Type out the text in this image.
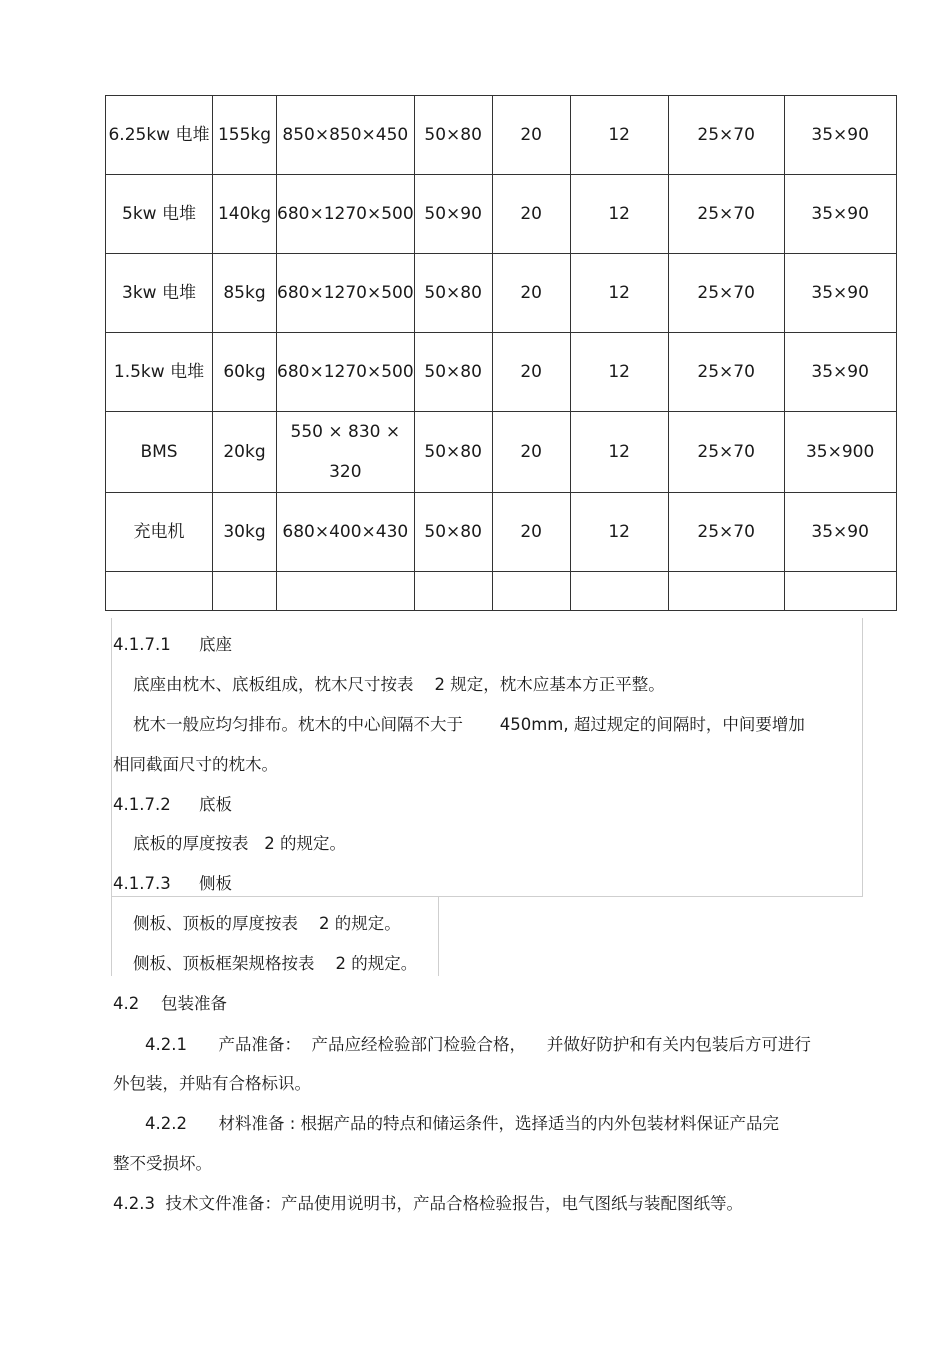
6.25kw 电堆	155kg	850×850×450	50×80	20	12	25×70	35×90
5kw 电堆	140kg	680×1270×500	50×90	20	12	25×70	35×90
3kw 电堆	85kg	680×1270×500	50×80	20	12	25×70	35×90
1.5kw 电堆	60kg	680×1270×500	50×80	20	12	25×70	35×90
BMS	20kg	550 × 830 × 320	50×80	20	12	25×70	35×900
充电机	30kg	680×400×430	50×80	20	12	25×70	35×90

4.1.7.1 底座
底座由枕木、底板组成，枕木尺寸按表    2 规定，枕木应基本方正平整。
枕木一般应均匀排布。枕木的中心间隔不大于       450mm, 超过规定的间隔时，中间要增加
相同截面尺寸的枕木。
4.1.7.2 底板
底板的厚度按表   2 的规定。
4.1.7.3 侧板
侧板、顶板的厚度按表    2 的规定。
侧板、顶板框架规格按表    2 的规定。
4.2 包装准备
4.2.1      产品准备：  产品应经检验部门检验合格，    并做好防护和有关内包装后方可进行
外包装，并贴有合格标识。
4.2.2      材料准备 : 根据产品的特点和储运条件，选择适当的内外包装材料保证产品完
整不受损坏。
4.2.3  技术文件准备：产品使用说明书，产品合格检验报告，电气图纸与装配图纸等。
